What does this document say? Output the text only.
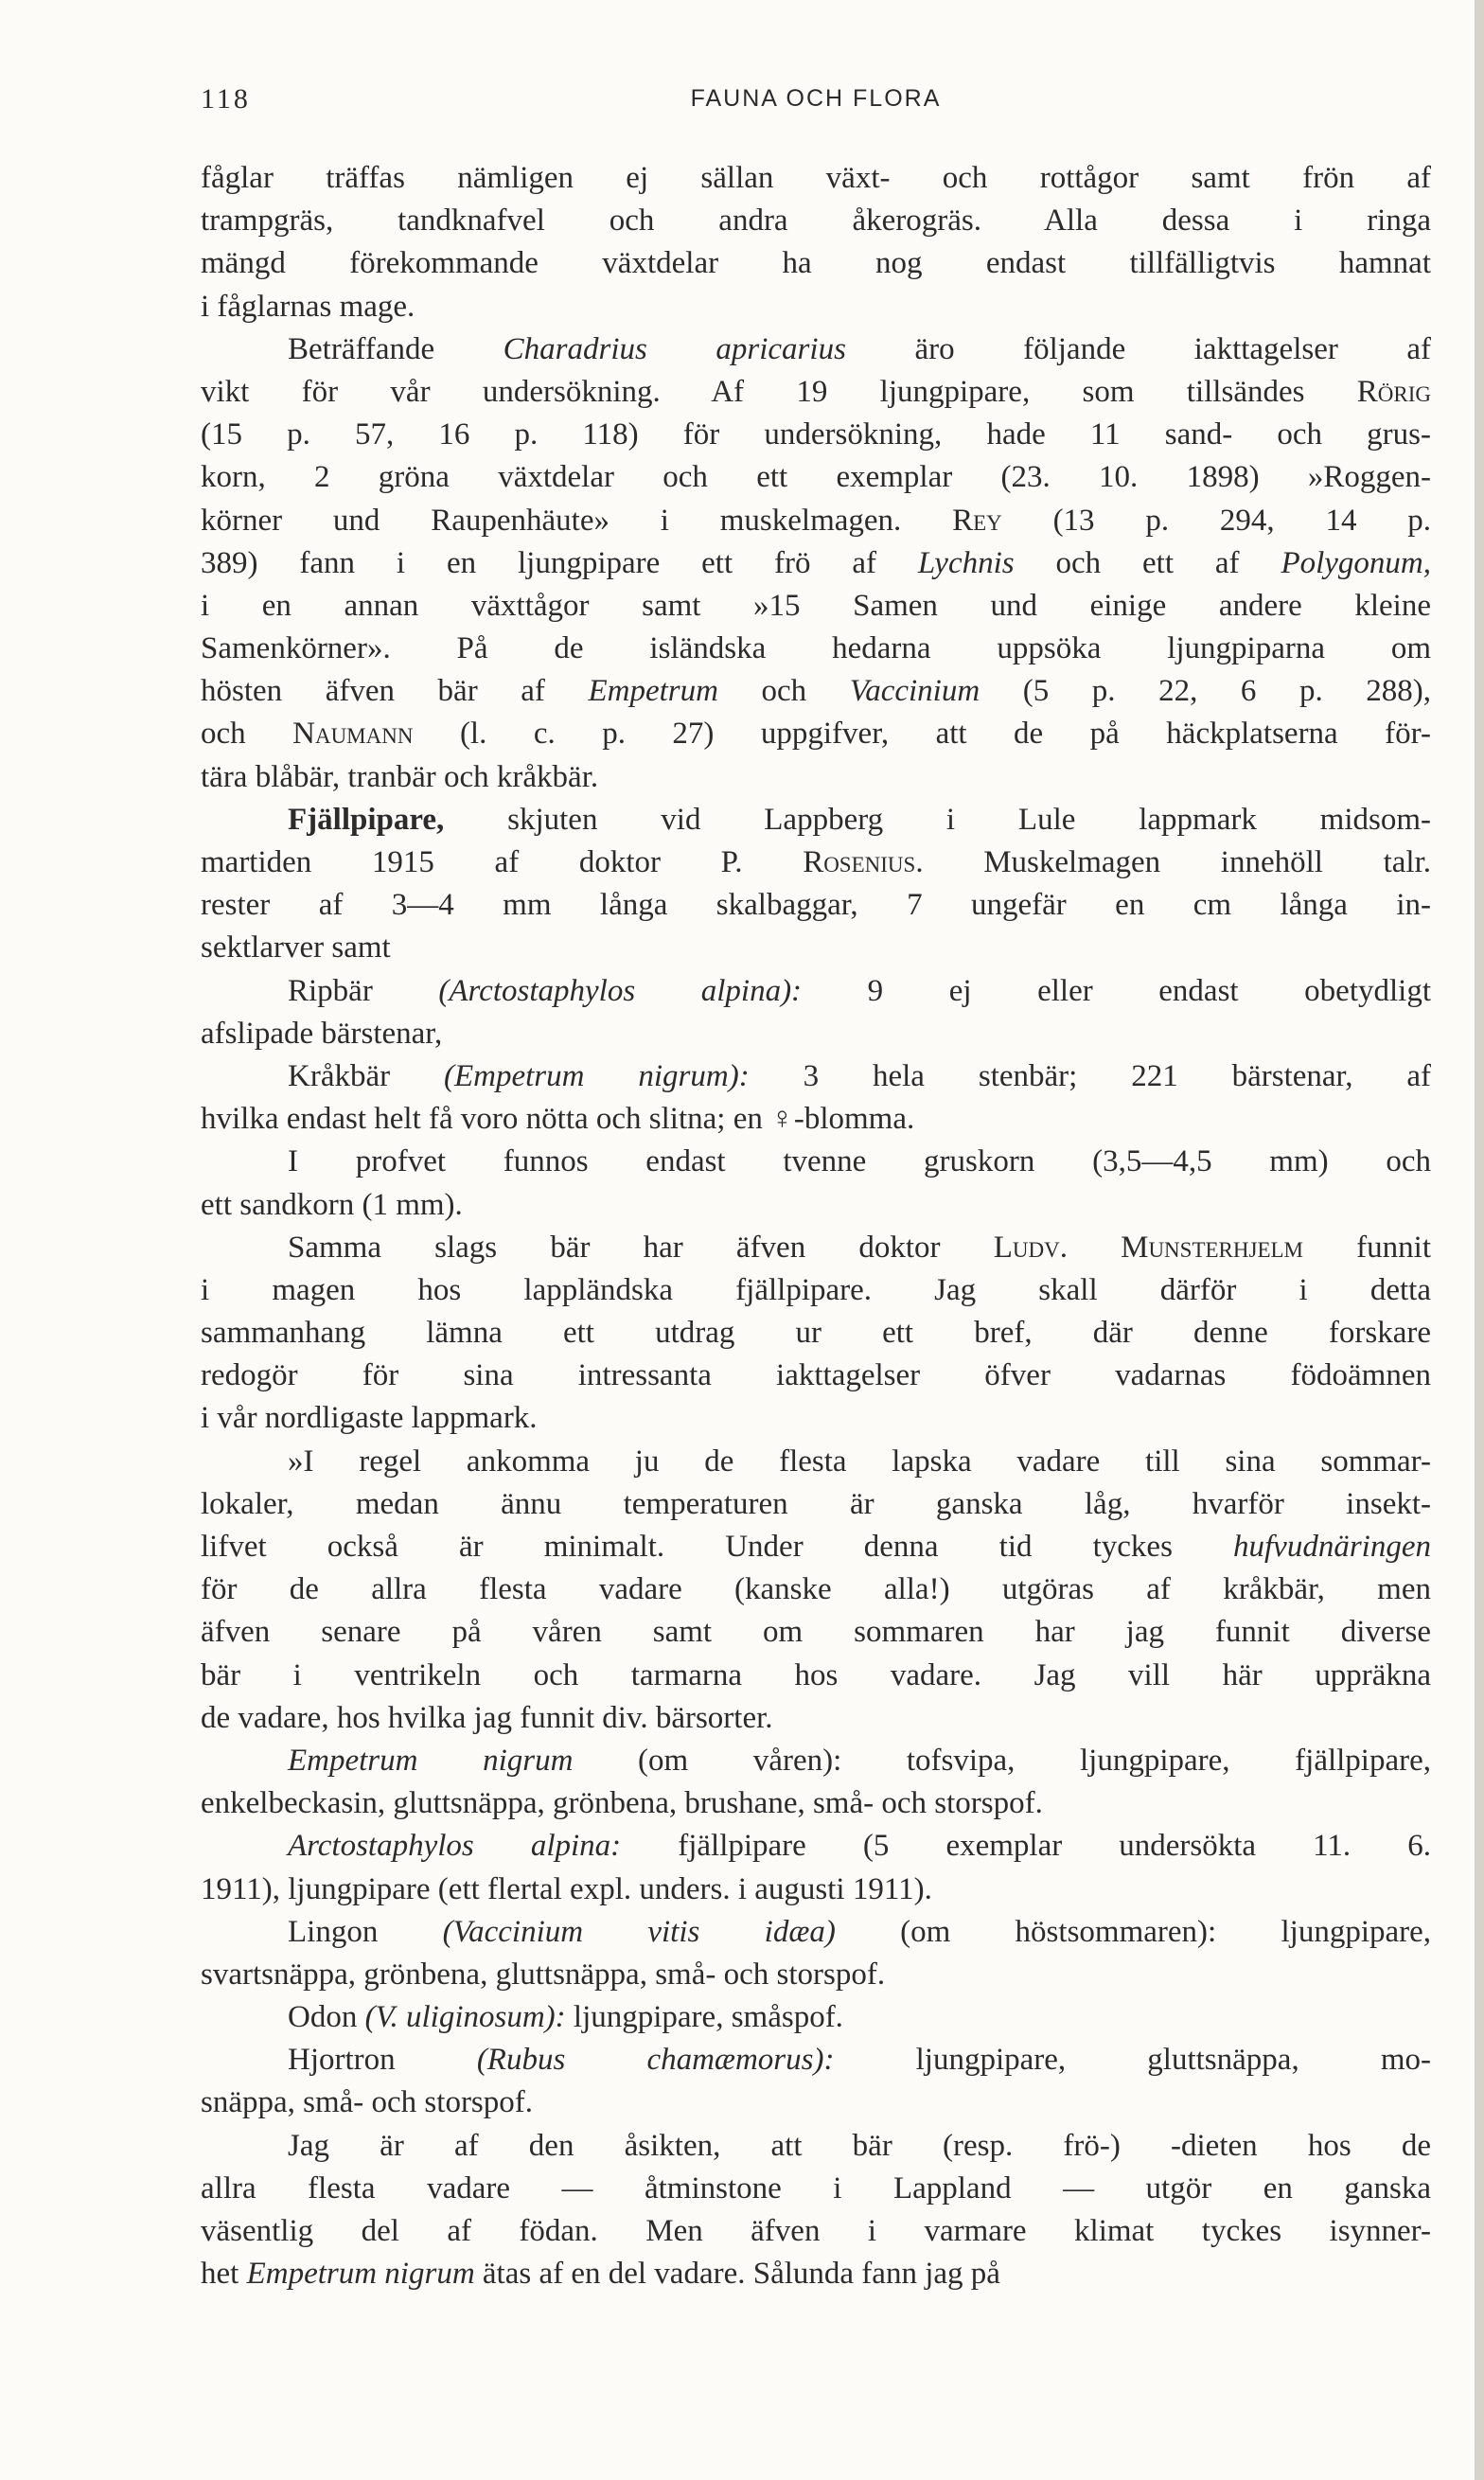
118	FAUNA OCH FLORA
fåglar träffas nämligen ej sällan växt- och rottågor samt frön af
trampgräs, tandknafvel och andra åkerogräs. Alla dessa i ringa
mängd förekommande växtdelar ha nog endast tillfälligtvis hamnat
i fåglarnas mage.
Beträffande Charadrius apricarius äro följande iakttagelser af
vikt för vår undersökning. Af 19 ljungpipare, som tillsändes Rörig
(15 p. 57, 16 p. 118) för undersökning, hade 11 sand- och grus-
korn, 2 gröna växtdelar och ett exemplar (23. 10. 1898) »Roggen-
körner und Raupenhäute» i muskelmagen. Rey (13 p. 294, 14 p.
389) fann i en ljungpipare ett frö af Lychnis och ett af Polygonum,
i en annan växttågor samt »15 Samen und einige andere kleine
Samenkörner». På de isländska hedarna uppsöka ljungpiparna om
hösten äfven bär af Empetrum och Vaccinium (5 p. 22, 6 p. 288),
och Naumann (l. c. p. 27) uppgifver, att de på häckplatserna för-
tära blåbär, tranbär och kråkbär.
Fjällpipare, skjuten vid Lappberg i Lule lappmark midsom-
martiden 1915 af doktor P. Rosenius. Muskelmagen innehöll talr.
rester af 3—4 mm långa skalbaggar, 7 ungefär en cm långa in-
sektlarver samt
Ripbär (Arctostaphylos alpina): 9 ej eller endast obetydligt
afslipade bärstenar,
Kråkbär (Empetrum nigrum): 3 hela stenbär; 221 bärstenar, af
hvilka endast helt få voro nötta och slitna; en ♀-blomma.
I profvet funnos endast tvenne gruskorn (3,5—4,5 mm) och
ett sandkorn (1 mm).
Samma slags bär har äfven doktor Ludv. Munsterhjelm funnit
i magen hos lappländska fjällpipare. Jag skall därför i detta
sammanhang lämna ett utdrag ur ett bref, där denne forskare
redogör för sina intressanta iakttagelser öfver vadarnas födoämnen
i vår nordligaste lappmark.
»I regel ankomma ju de flesta lapska vadare till sina sommar-
lokaler, medan ännu temperaturen är ganska låg, hvarför insekt-
lifvet också är minimalt. Under denna tid tyckes hufvudnäringen
för de allra flesta vadare (kanske alla!) utgöras af kråkbär, men
äfven senare på våren samt om sommaren har jag funnit diverse
bär i ventrikeln och tarmarna hos vadare. Jag vill här uppräkna
de vadare, hos hvilka jag funnit div. bärsorter.
Empetrum nigrum (om våren): tofsvipa, ljungpipare, fjällpipare,
enkelbeckasin, gluttsnäppa, grönbena, brushane, små- och storspof.
Arctostaphylos alpina: fjällpipare (5 exemplar undersökta 11. 6.
1911), ljungpipare (ett flertal expl. unders. i augusti 1911).
Lingon (Vaccinium vitis idæa) (om höstsommaren): ljungpipare,
svartsnäppa, grönbena, gluttsnäppa, små- och storspof.
Odon (V. uliginosum): ljungpipare, småspof.
Hjortron (Rubus chamæmorus): ljungpipare, gluttsnäppa, mo-
snäppa, små- och storspof.
Jag är af den åsikten, att bär (resp. frö-) -dieten hos de
allra flesta vadare — åtminstone i Lappland — utgör en ganska
väsentlig del af födan. Men äfven i varmare klimat tyckes isynner-
het Empetrum nigrum ätas af en del vadare. Sålunda fann jag på
